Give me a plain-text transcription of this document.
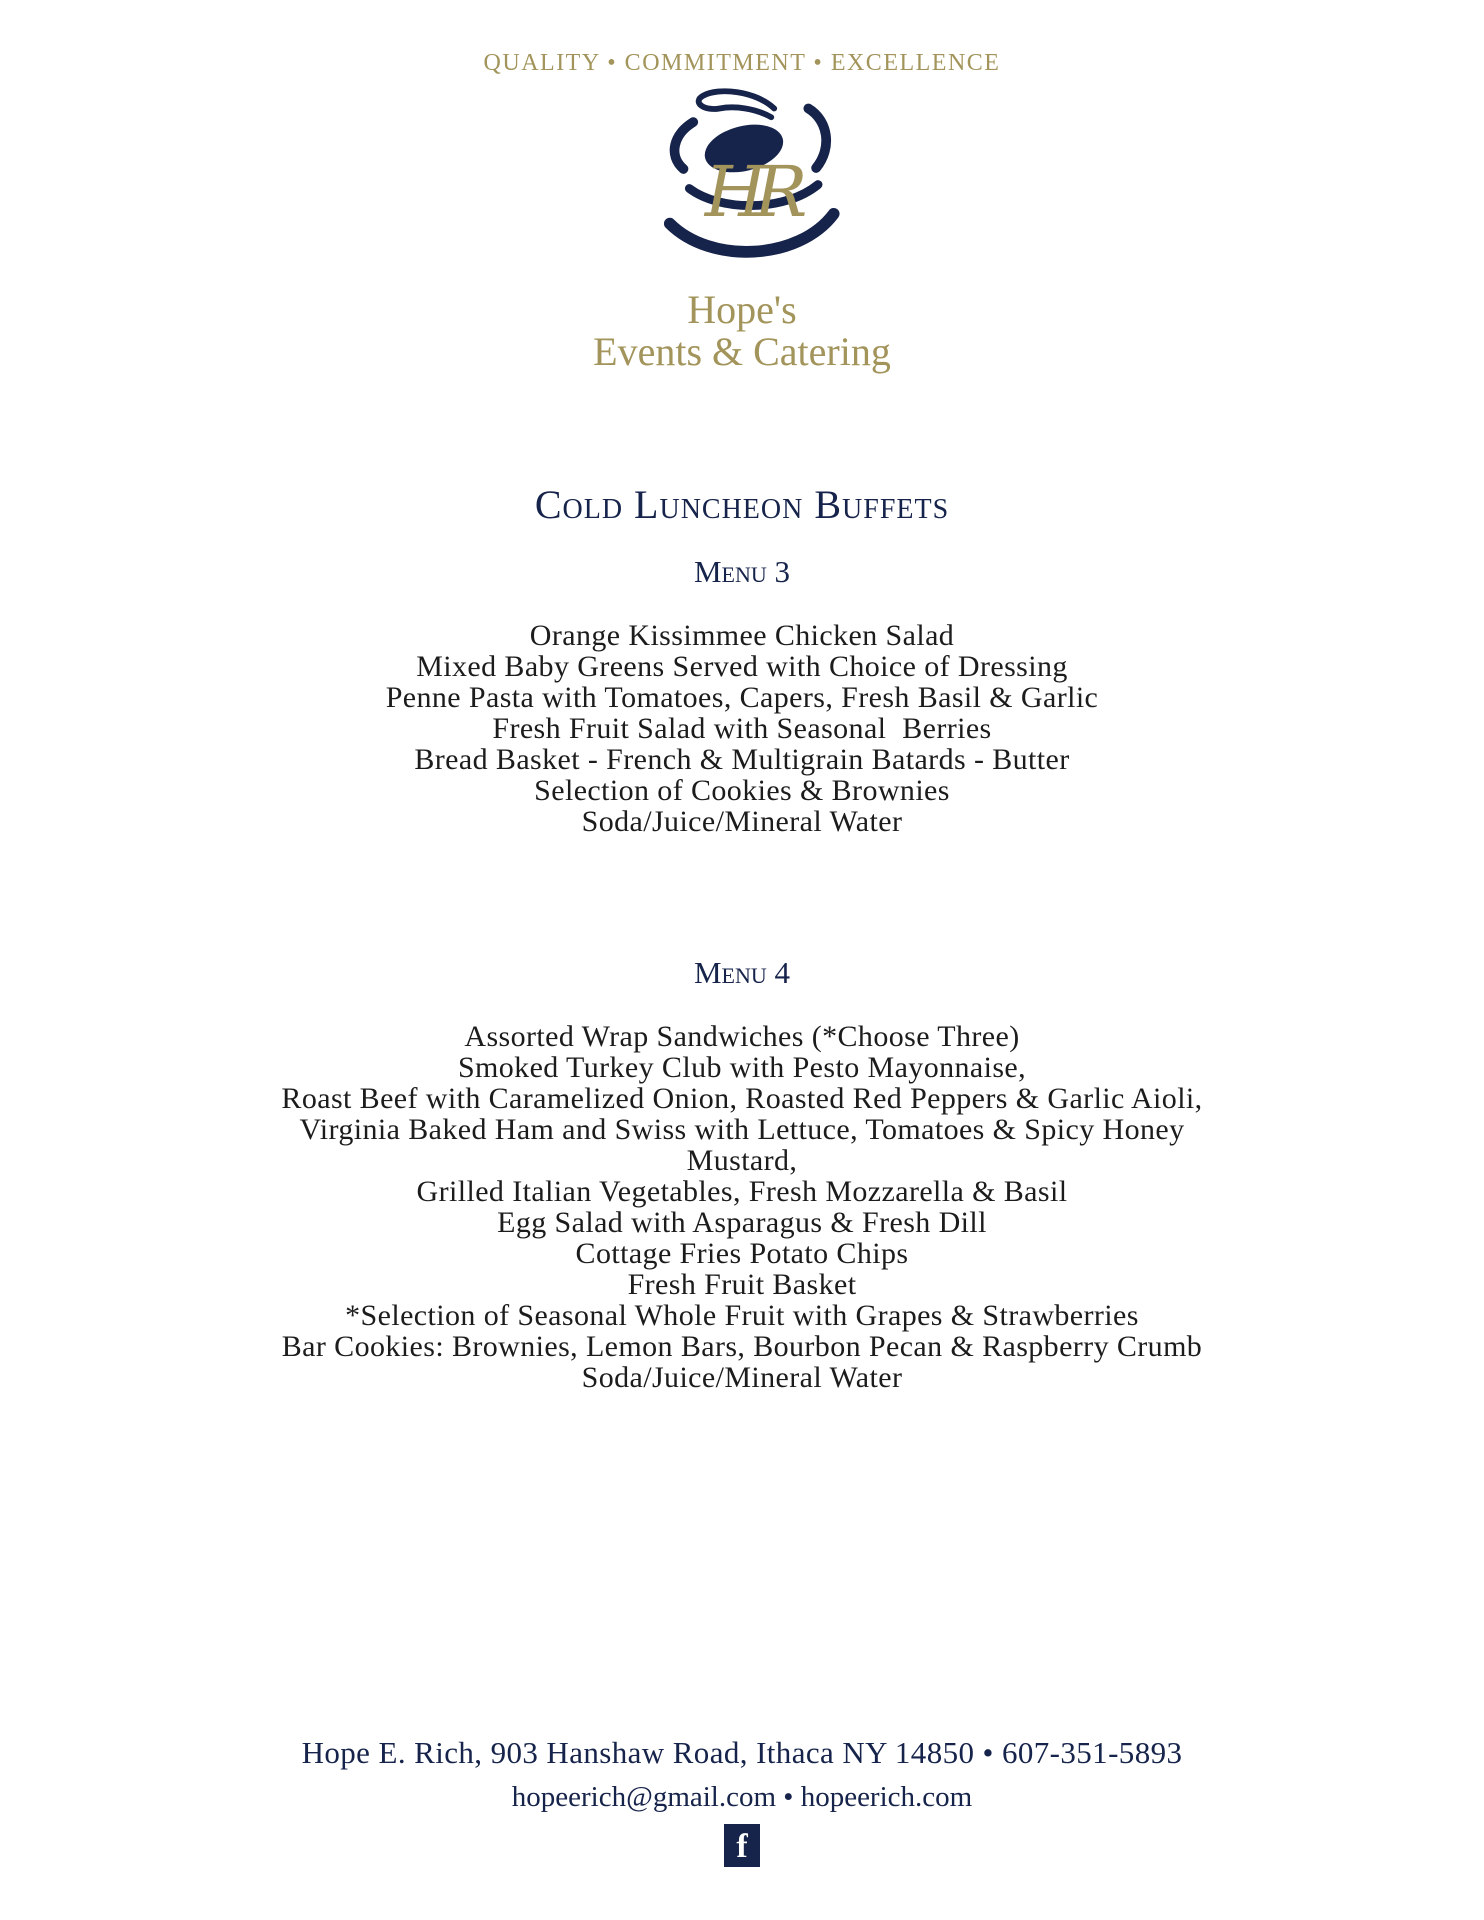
QUALITY • COMMITMENT • EXCELLENCE
HR
Hope's
Events & Catering
Cold Luncheon Buffets
Menu 3
Orange Kissimmee Chicken Salad
Mixed Baby Greens Served with Choice of Dressing
Penne Pasta with Tomatoes, Capers, Fresh Basil & Garlic
Fresh Fruit Salad with Seasonal  Berries
Bread Basket - French & Multigrain Batards - Butter
Selection of Cookies & Brownies
Soda/Juice/Mineral Water
Menu 4
Assorted Wrap Sandwiches (*Choose Three)
Smoked Turkey Club with Pesto Mayonnaise,
Roast Beef with Caramelized Onion, Roasted Red Peppers & Garlic Aioli,
Virginia Baked Ham and Swiss with Lettuce, Tomatoes & Spicy Honey
Mustard,
Grilled Italian Vegetables, Fresh Mozzarella & Basil
Egg Salad with Asparagus & Fresh Dill
Cottage Fries Potato Chips
Fresh Fruit Basket
*Selection of Seasonal Whole Fruit with Grapes & Strawberries
Bar Cookies: Brownies, Lemon Bars, Bourbon Pecan & Raspberry Crumb
Soda/Juice/Mineral Water
Hope E. Rich, 903 Hanshaw Road, Ithaca NY 14850 • 607-351-5893
hopeerich@gmail.com • hopeerich.com
f
